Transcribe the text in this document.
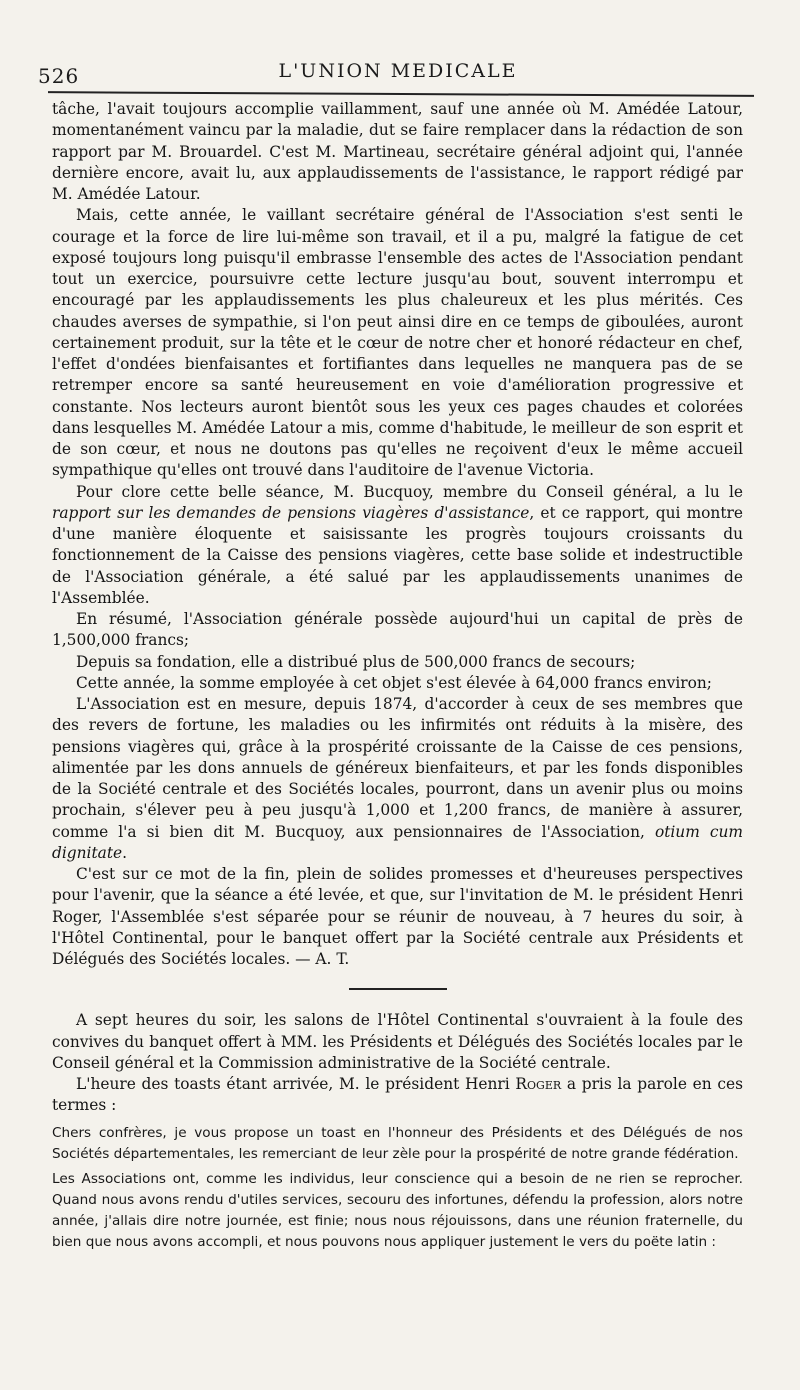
526	L'UNION MEDICALE

tâche, l'avait toujours accomplie vaillamment, sauf une année où M. Amédée Latour, momentanément vaincu par la maladie, dut se faire remplacer dans la rédaction de son rapport par M. Brouardel. C'est M. Martineau, secrétaire général adjoint qui, l'année dernière encore, avait lu, aux applaudissements de l'assistance, le rapport rédigé par M. Amédée Latour.

Mais, cette année, le vaillant secrétaire général de l'Association s'est senti le courage et la force de lire lui-même son travail, et il a pu, malgré la fatigue de cet exposé toujours long puisqu'il embrasse l'ensemble des actes de l'Association pendant tout un exercice, poursuivre cette lecture jusqu'au bout, souvent interrompu et encouragé par les applaudissements les plus chaleureux et les plus mérités. Ces chaudes averses de sympathie, si l'on peut ainsi dire en ce temps de giboulées, auront certainement produit, sur la tête et le cœur de notre cher et honoré rédacteur en chef, l'effet d'ondées bienfaisantes et fortifiantes dans lequelles ne manquera pas de se retremper encore sa santé heureusement en voie d'amélioration progressive et constante. Nos lecteurs auront bientôt sous les yeux ces pages chaudes et colorées dans lesquelles M. Amédée Latour a mis, comme d'habitude, le meilleur de son esprit et de son cœur, et nous ne doutons pas qu'elles ne reçoivent d'eux le même accueil sympathique qu'elles ont trouvé dans l'auditoire de l'avenue Victoria.

Pour clore cette belle séance, M. Bucquoy, membre du Conseil général, a lu le rapport sur les demandes de pensions viagères d'assistance, et ce rapport, qui montre d'une manière éloquente et saisissante les progrès toujours croissants du fonctionnement de la Caisse des pensions viagères, cette base solide et indestructible de l'Association générale, a été salué par les applaudissements unanimes de l'Assemblée.

En résumé, l'Association générale possède aujourd'hui un capital de près de 1,500,000 francs;

Depuis sa fondation, elle a distribué plus de 500,000 francs de secours;

Cette année, la somme employée à cet objet s'est élevée à 64,000 francs environ;

L'Association est en mesure, depuis 1874, d'accorder à ceux de ses membres que des revers de fortune, les maladies ou les infirmités ont réduits à la misère, des pensions viagères qui, grâce à la prospérité croissante de la Caisse de ces pensions, alimentée par les dons annuels de généreux bienfaiteurs, et par les fonds disponibles de la Société centrale et des Sociétés locales, pourront, dans un avenir plus ou moins prochain, s'élever peu à peu jusqu'à 1,000 et 1,200 francs, de manière à assurer, comme l'a si bien dit M. Bucquoy, aux pensionnaires de l'Association, otium cum dignitate.

C'est sur ce mot de la fin, plein de solides promesses et d'heureuses perspectives pour l'avenir, que la séance a été levée, et que, sur l'invitation de M. le président Henri Roger, l'Assemblée s'est séparée pour se réunir de nouveau, à 7 heures du soir, à l'Hôtel Continental, pour le banquet offert par la Société centrale aux Présidents et Délégués des Sociétés locales. — A. T.

A sept heures du soir, les salons de l'Hôtel Continental s'ouvraient à la foule des convives du banquet offert à MM. les Présidents et Délégués des Sociétés locales par le Conseil général et la Commission administrative de la Société centrale.

L'heure des toasts étant arrivée, M. le président Henri Roger a pris la parole en ces termes :

Chers confrères, je vous propose un toast en l'honneur des Présidents et des Délégués de nos Sociétés départementales, les remerciant de leur zèle pour la prospérité de notre grande fédération.

Les Associations ont, comme les individus, leur conscience qui a besoin de ne rien se reprocher. Quand nous avons rendu d'utiles services, secouru des infortunes, défendu la profession, alors notre année, j'allais dire notre journée, est finie; nous nous réjouissons, dans une réunion fraternelle, du bien que nous avons accompli, et nous pouvons nous appliquer justement le vers du poëte latin :
